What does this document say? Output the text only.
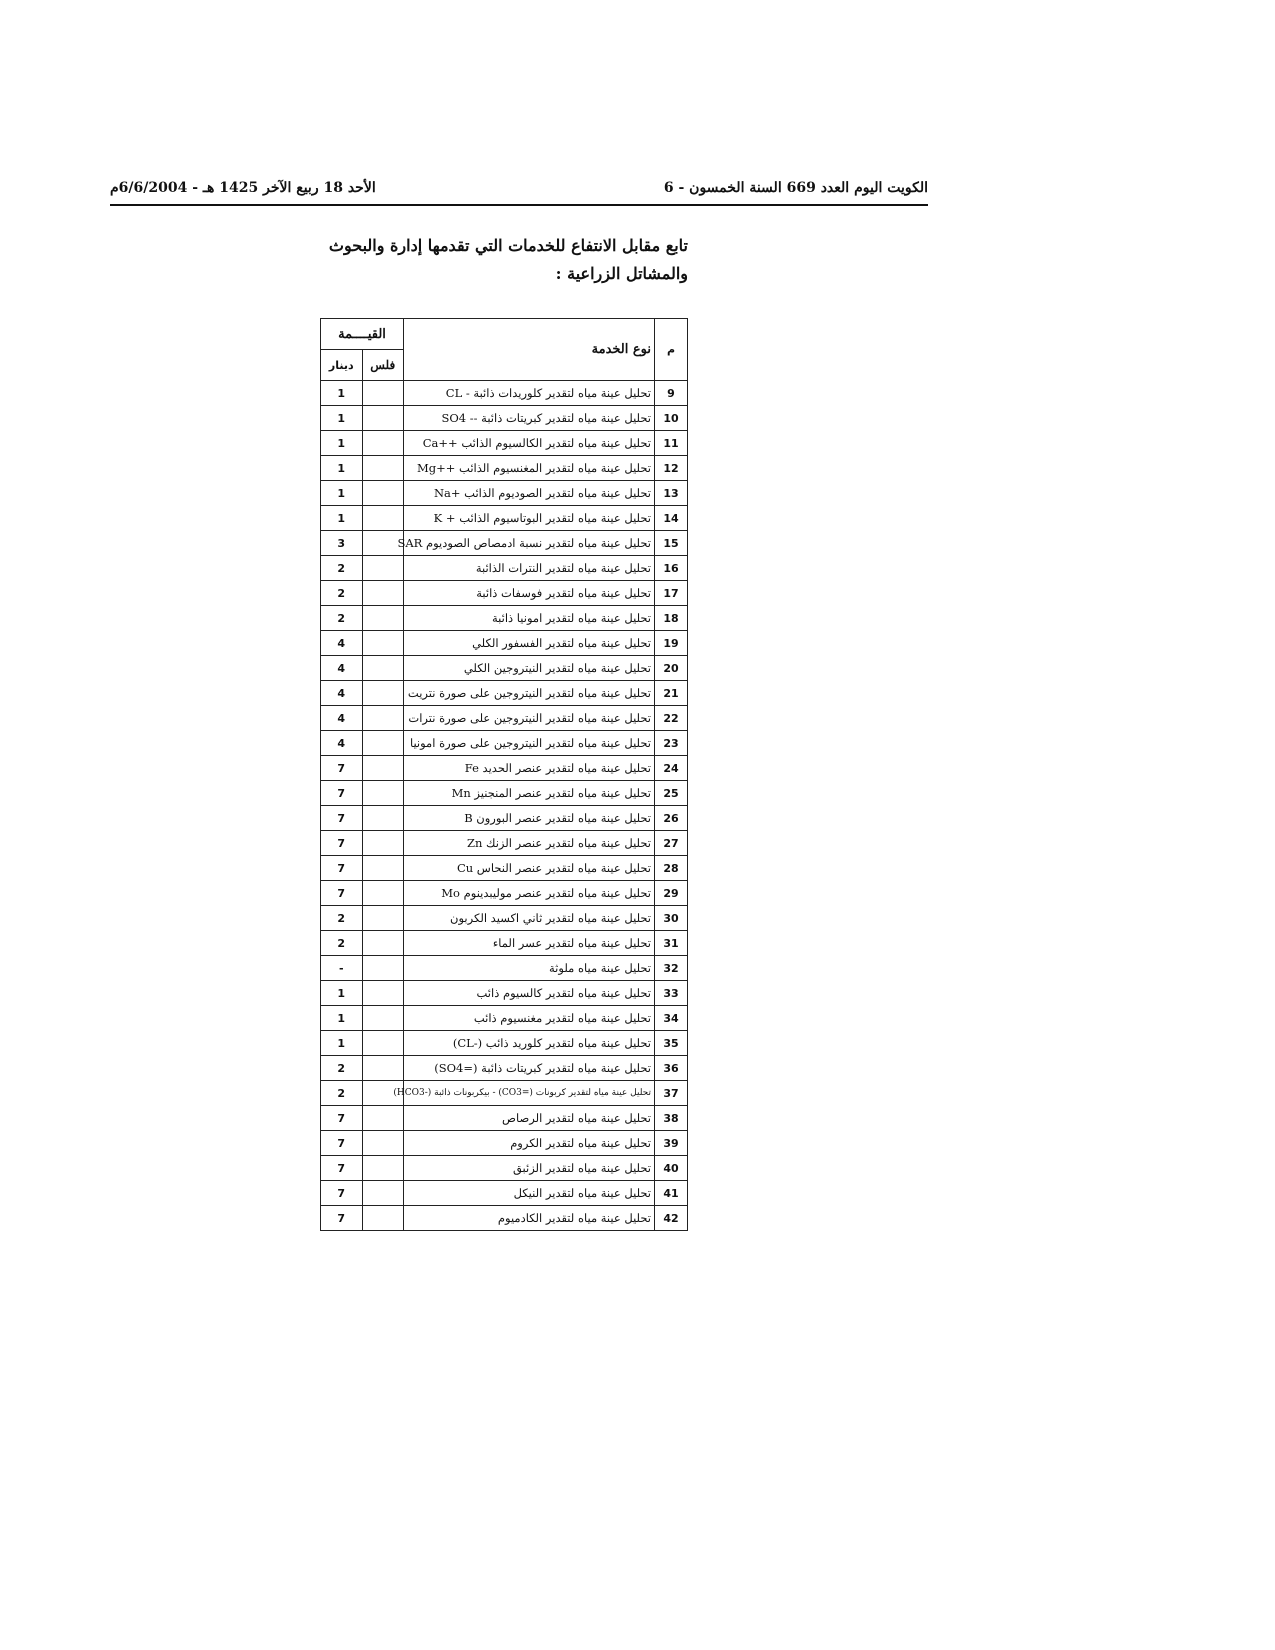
الكويت اليوم العدد 669 السنة الخمسون - 6
الأحد 18 ربيع الآخر 1425 هـ - 6/6/2004م
تابع مقابل الانتفاع للخدمات التي تقدمها إدارة والبحوث
والمشاتل الزراعية :
م	نوع الخدمة	القيــــمة	
		فلس	دينار
9	تحليل عينة مياه لتقدير كلوريدات ذائبة - CL		1
10	تحليل عينة مياه لتقدير كبريتات ذائبة -- SO4		1
11	تحليل عينة مياه لتقدير الكالسيوم الذائب ++Ca		1
12	تحليل عينة مياه لتقدير المغنسيوم الذائب ++Mg		1
13	تحليل عينة مياه لتقدير الصوديوم الذائب +Na		1
14	تحليل عينة مياه لتقدير البوتاسيوم الذائب + K		1
15	تحليل عينة مياه لتقدير نسبة ادمصاص الصوديوم SAR		3
16	تحليل عينة مياه لتقدير النترات الذائبة		2
17	تحليل عينة مياه لتقدير فوسفات ذائبة		2
18	تحليل عينة مياه لتقدير امونيا ذائبة		2
19	تحليل عينة مياه لتقدير الفسفور الكلي		4
20	تحليل عينة مياه لتقدير النيتروجين الكلي		4
21	تحليل عينة مياه لتقدير النيتروجين على صورة نتريت		4
22	تحليل عينة مياه لتقدير النيتروجين على صورة نترات		4
23	تحليل عينة مياه لتقدير النيتروجين على صورة امونيا		4
24	تحليل عينة مياه لتقدير عنصر الحديد Fe		7
25	تحليل عينة مياه لتقدير عنصر المنجنيز Mn		7
26	تحليل عينة مياه لتقدير عنصر البورون B		7
27	تحليل عينة مياه لتقدير عنصر الزنك Zn		7
28	تحليل عينة مياه لتقدير عنصر النحاس Cu		7
29	تحليل عينة مياه لتقدير عنصر موليبدينوم Mo		7
30	تحليل عينة مياه لتقدير ثاني اكسيد الكربون		2
31	تحليل عينة مياه لتقدير عسر الماء		2
32	تحليل عينة مياه ملوثة		-
33	تحليل عينة مياه لتقدير كالسيوم ذائب		1
34	تحليل عينة مياه لتقدير مغنسيوم ذائب		1
35	تحليل عينة مياه لتقدير كلوريد ذائب (-CL)		1
36	تحليل عينة مياه لتقدير كبريتات ذائبة (=SO4)		2
37	تحليل عينة مياه لتقدير كربونات (=CO3) - بيكربونات ذائبة (-HCO3)		2
38	تحليل عينة مياه لتقدير الرصاص		7
39	تحليل عينة مياه لتقدير الكروم		7
40	تحليل عينة مياه لتقدير الزئبق		7
41	تحليل عينة مياه لتقدير النيكل		7
42	تحليل عينة مياه لتقدير الكادميوم		7
